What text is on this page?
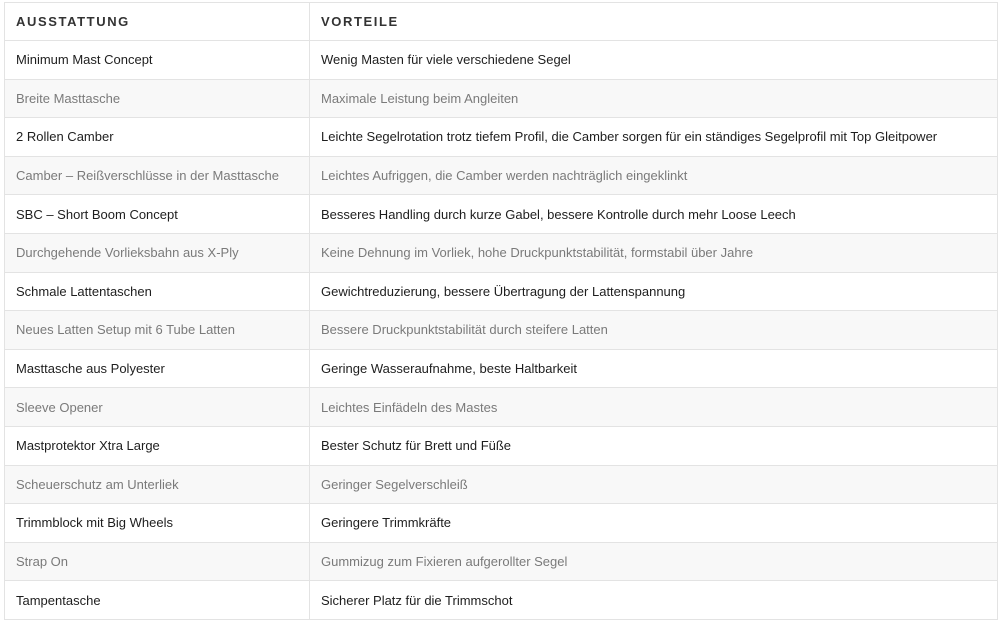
AUSSTATTUNG	VORTEILE
Minimum Mast Concept	Wenig Masten für viele verschiedene Segel
Breite Masttasche	Maximale Leistung beim Angleiten
2 Rollen Camber	Leichte Segelrotation trotz tiefem Profil, die Camber sorgen für ein ständiges Segelprofil mit Top Gleitpower
Camber – Reißverschlüsse in der Masttasche	Leichtes Aufriggen, die Camber werden nachträglich eingeklinkt
SBC – Short Boom Concept	Besseres Handling durch kurze Gabel, bessere Kontrolle durch mehr Loose Leech
Durchgehende Vorlieksbahn aus X-Ply	Keine Dehnung im Vorliek, hohe Druckpunktstabilität, formstabil über Jahre
Schmale Lattentaschen	Gewichtreduzierung, bessere Übertragung der Lattenspannung
Neues Latten Setup mit 6 Tube Latten	Bessere Druckpunktstabilität durch steifere Latten
Masttasche aus Polyester	Geringe Wasseraufnahme, beste Haltbarkeit
Sleeve Opener	Leichtes Einfädeln des Mastes
Mastprotektor Xtra Large	Bester Schutz für Brett und Füße
Scheuerschutz am Unterliek	Geringer Segelverschleiß
Trimmblock mit Big Wheels	Geringere Trimmkräfte
Strap On	Gummizug zum Fixieren aufgerollter Segel
Tampentasche	Sicherer Platz für die Trimmschot
